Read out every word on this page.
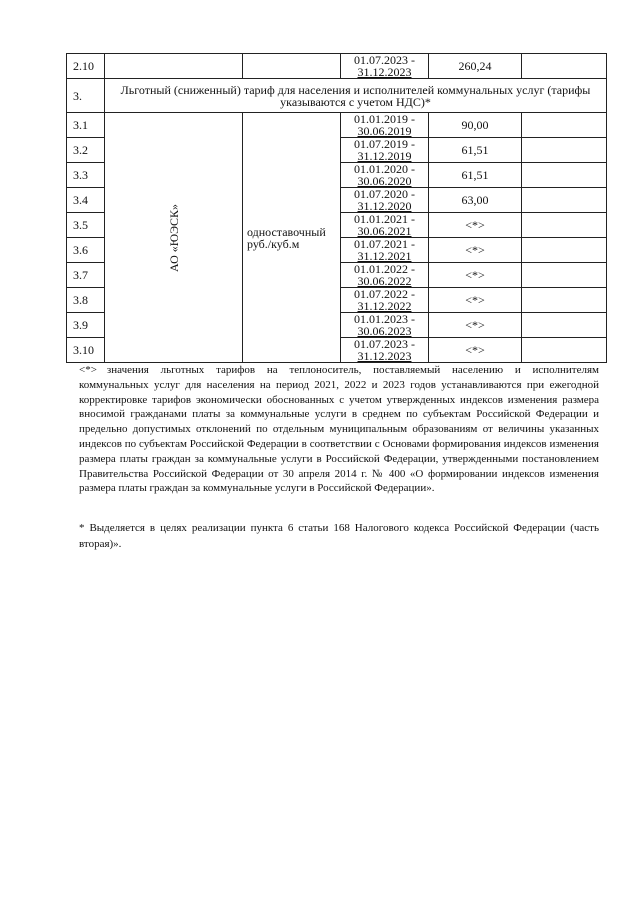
2.10			01.07.2023 -
31.12.2023	260,24	
3.	Льготный (сниженный) тариф для населения и исполнителей коммунальных услуг (тарифы указываются с учетом НДС)*				
3.1	АО «ЮЭСК»	одноставочный
руб./куб.м	01.01.2019 -
30.06.2019	90,00	
3.2			01.07.2019 -
31.12.2019	61,51	
3.3			01.01.2020 -
30.06.2020	61,51	
3.4			01.07.2020 -
31.12.2020	63,00	
3.5			01.01.2021 -
30.06.2021	<*>	
3.6			01.07.2021 -
31.12.2021	<*>	
3.7			01.01.2022 -
30.06.2022	<*>	
3.8			01.07.2022 -
31.12.2022	<*>	
3.9			01.01.2023 -
30.06.2023	<*>	
3.10			01.07.2023 -
31.12.2023	<*>	
<*> значения льготных тарифов на теплоноситель, поставляемый населению и исполнителям коммунальных услуг для населения на период 2021, 2022 и 2023 годов устанавливаются при ежегодной корректировке тарифов экономически обоснованных с учетом утвержденных индексов изменения размера вносимой гражданами платы за коммунальные услуги в среднем по субъектам Российской Федерации и предельно допустимых отклонений по отдельным муниципальным образованиям от величины указанных индексов по субъектам Российской Федерации в соответствии с Основами формирования индексов изменения размера платы граждан за коммунальные услуги в Российской Федерации, утвержденными постановлением Правительства Российской Федерации от 30 апреля 2014 г. № 400 «О формировании индексов изменения размера платы граждан за коммунальные услуги в Российской Федерации».
* Выделяется в целях реализации пункта 6 статьи 168 Налогового кодекса Российской Федерации (часть вторая)».
